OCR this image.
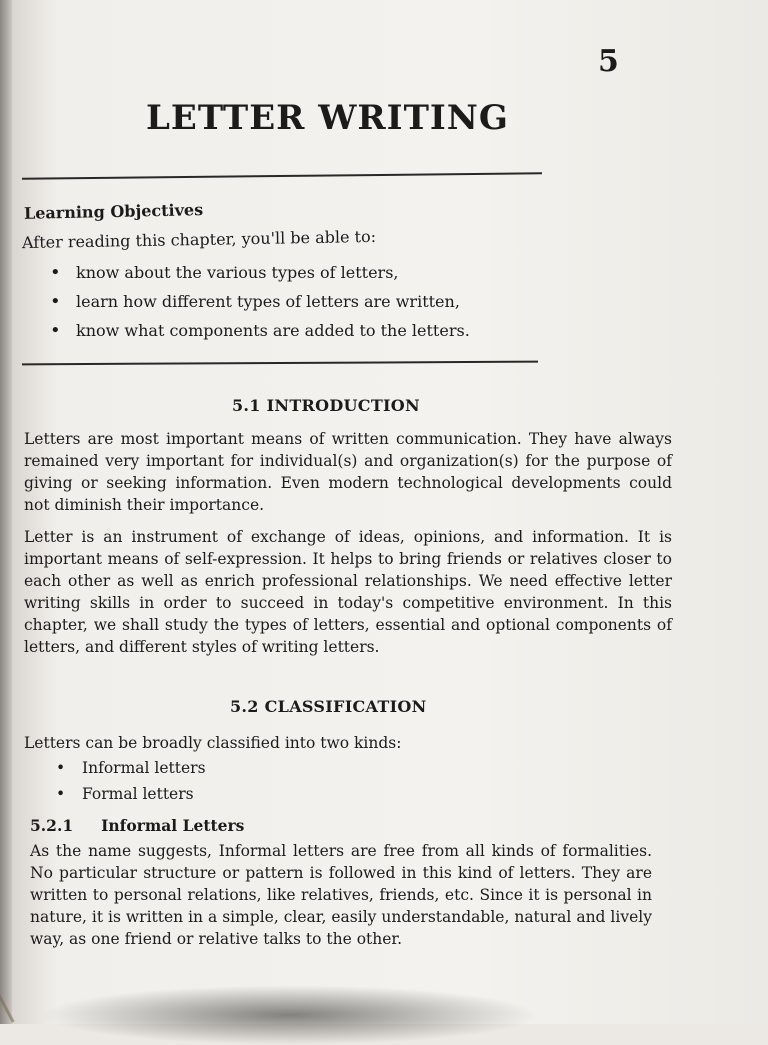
5
LETTER WRITING
Learning Objectives
After reading this chapter, you'll be able to:
• know about the various types of letters,
• learn how different types of letters are written,
• know what components are added to the letters.
5.1 INTRODUCTION

Letters are most important means of written communication. They have always remained very important for individual(s) and organization(s) for the purpose of giving or seeking information. Even modern technological developments could not diminish their importance.

Letter is an instrument of exchange of ideas, opinions, and information. It is important means of self-expression. It helps to bring friends or relatives closer to each other as well as enrich professional relationships. We need effective letter writing skills in order to succeed in today's competitive environment. In this chapter, we shall study the types of letters, essential and optional components of letters, and different styles of writing letters.

5.2 CLASSIFICATION

Letters can be broadly classified into two kinds:

•	Informal letters
•	Formal letters
5.2.1 Informal Letters

As the name suggests, Informal letters are free from all kinds of formalities. No particular structure or pattern is followed in this kind of letters. They are written to personal relations, like relatives, friends, etc. Since it is personal in nature, it is written in a simple, clear, easily understandable, natural and lively way, as one friend or relative talks to the other.
